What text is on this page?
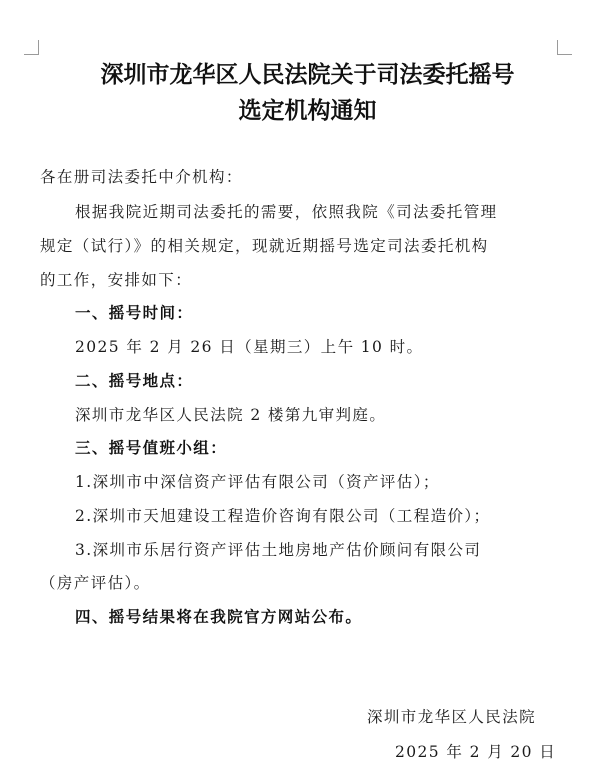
深圳市龙华区人民法院关于司法委托摇号
选定机构通知
各在册司法委托中介机构：
根据我院近期司法委托的需要，依照我院《司法委托管理
规定（试行）》的相关规定，现就近期摇号选定司法委托机构
的工作，安排如下：
一、摇号时间：
2025 年 2 月 26 日（星期三）上午 10 时。
二、摇号地点：
深圳市龙华区人民法院 2 楼第九审判庭。
三、摇号值班小组：
1.深圳市中深信资产评估有限公司（资产评估）；
2.深圳市天旭建设工程造价咨询有限公司（工程造价）；
3.深圳市乐居行资产评估土地房地产估价顾问有限公司
（房产评估）。
四、摇号结果将在我院官方网站公布。
深圳市龙华区人民法院
2025 年 2 月 20 日
